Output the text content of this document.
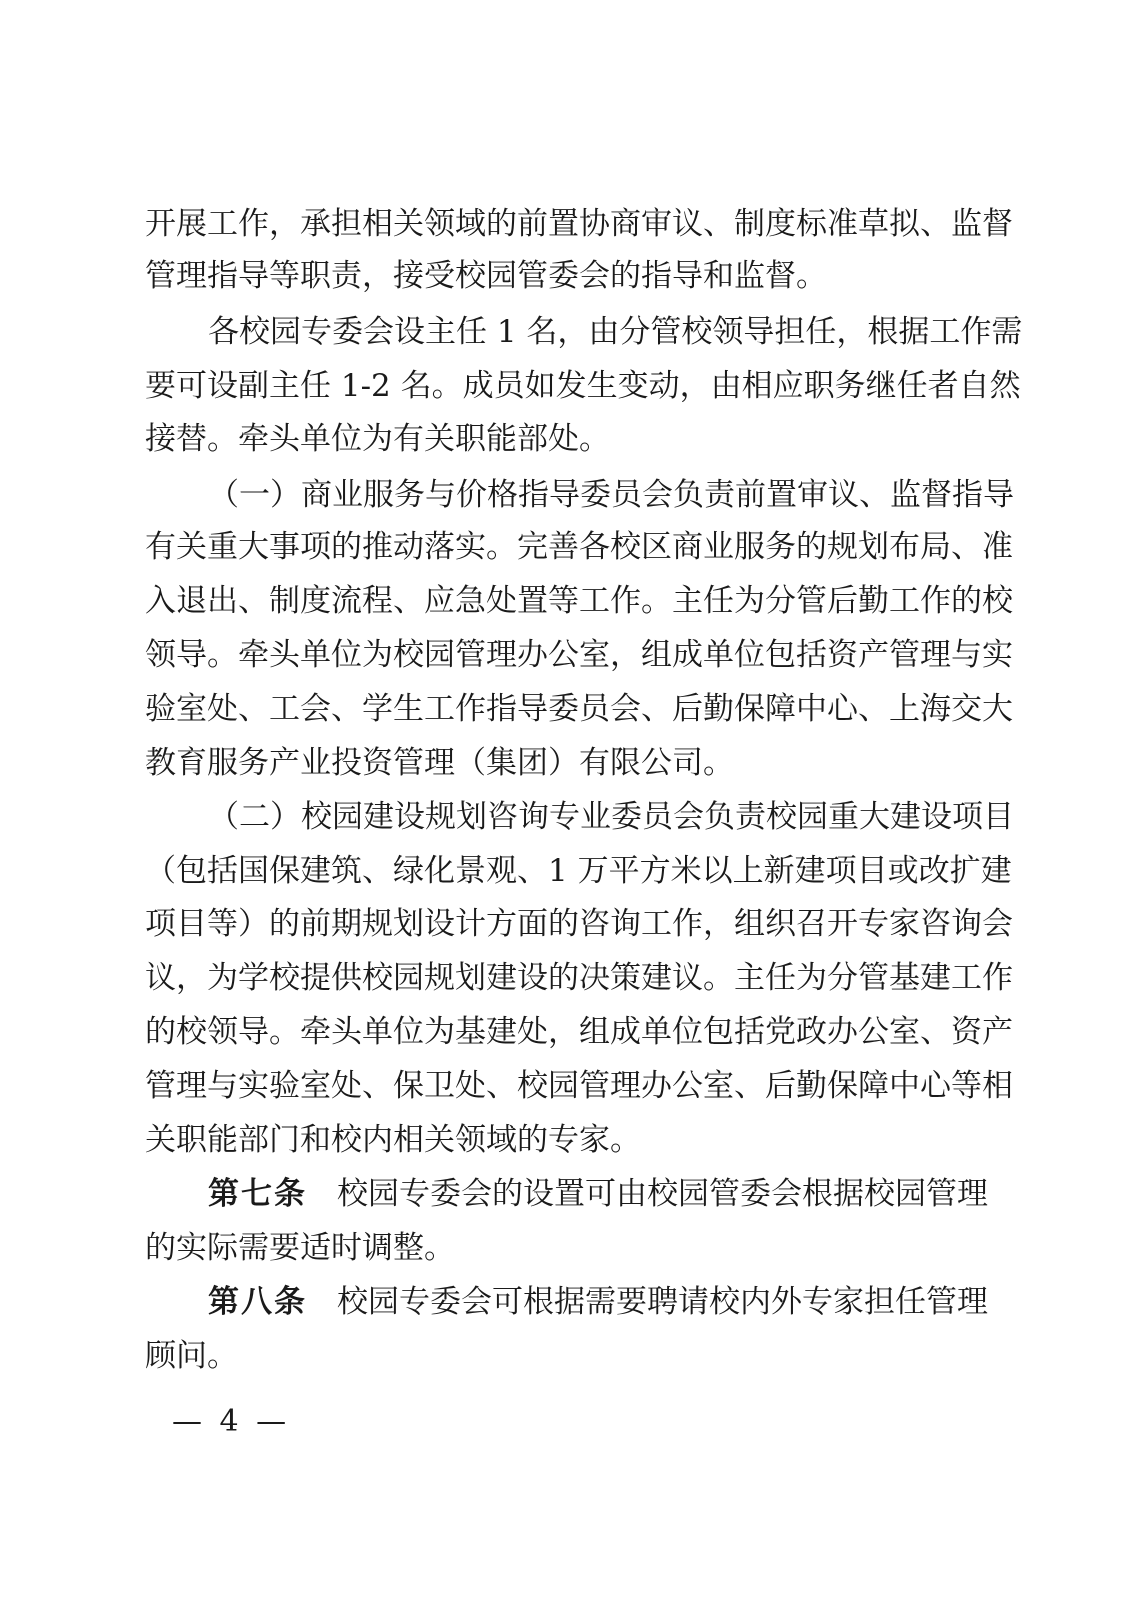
开展工作，承担相关领域的前置协商审议、制度标准草拟、监督
管理指导等职责，接受校园管委会的指导和监督。
各校园专委会设主任 1 名，由分管校领导担任，根据工作需
要可设副主任 1-2 名。成员如发生变动，由相应职务继任者自然
接替。牵头单位为有关职能部处。
（一）商业服务与价格指导委员会负责前置审议、监督指导
有关重大事项的推动落实。完善各校区商业服务的规划布局、准
入退出、制度流程、应急处置等工作。主任为分管后勤工作的校
领导。牵头单位为校园管理办公室，组成单位包括资产管理与实
验室处、工会、学生工作指导委员会、后勤保障中心、上海交大
教育服务产业投资管理（集团）有限公司。
（二）校园建设规划咨询专业委员会负责校园重大建设项目
（包括国保建筑、绿化景观、1 万平方米以上新建项目或改扩建
项目等）的前期规划设计方面的咨询工作，组织召开专家咨询会
议，为学校提供校园规划建设的决策建议。主任为分管基建工作
的校领导。牵头单位为基建处，组成单位包括党政办公室、资产
管理与实验室处、保卫处、校园管理办公室、后勤保障中心等相
关职能部门和校内相关领域的专家。
第七条 校园专委会的设置可由校园管委会根据校园管理
的实际需要适时调整。
第八条 校园专委会可根据需要聘请校内外专家担任管理
顾问。
— 4 —
